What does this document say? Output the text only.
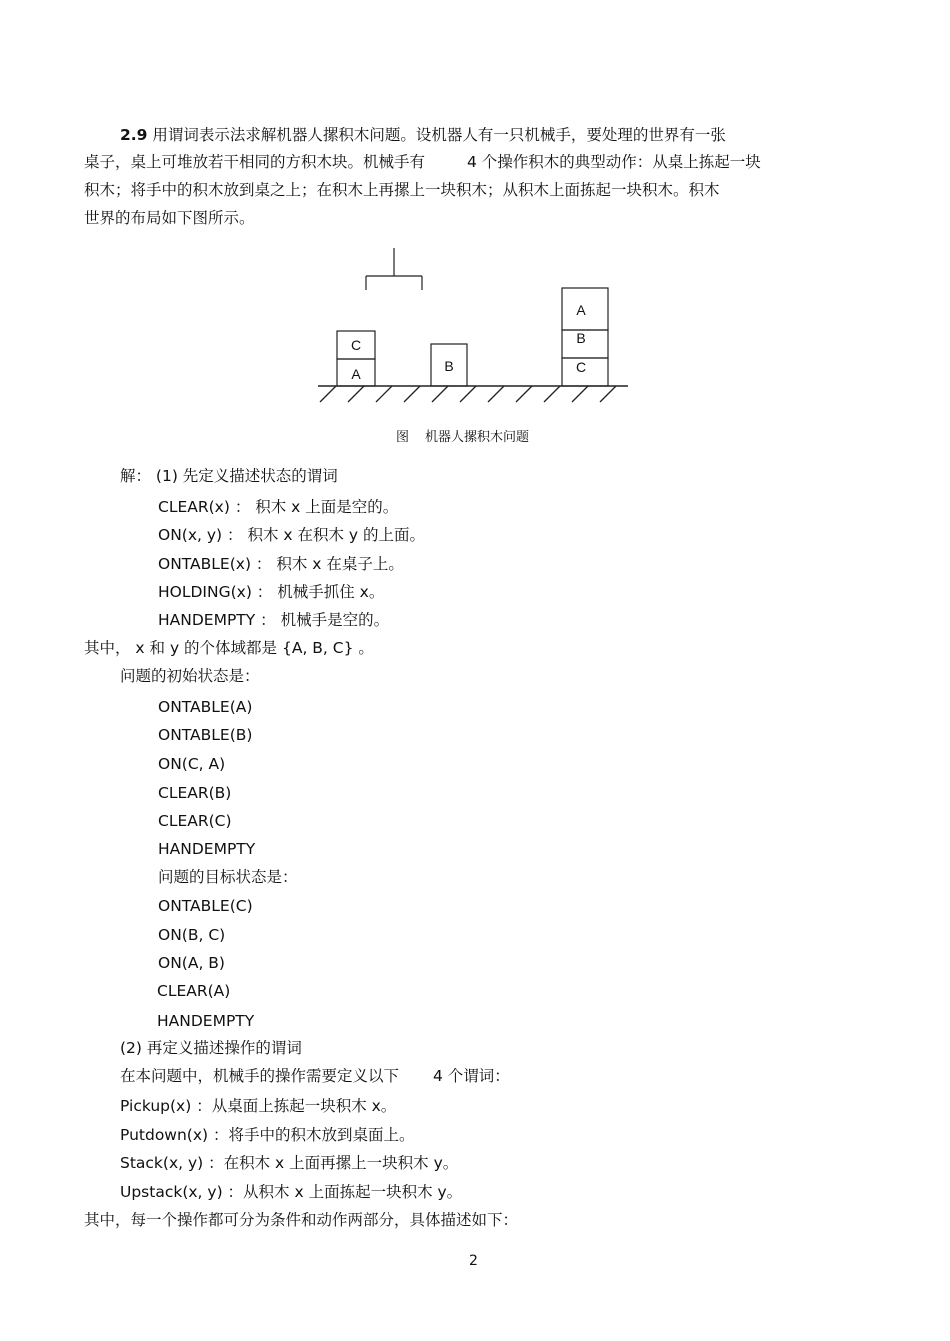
2.9 用谓词表示法求解机器人摞积木问题。设机器人有一只机械手，要处理的世界有一张
桌子，桌上可堆放若干相同的方积木块。机械手有	4 个操作积木的典型动作：从桌上拣起一块
积木；将手中的积木放到桌之上；在积木上再摞上一块积木；从积木上面拣起一块积木。积木
世界的布局如下图所示。
C
A	B
A
B
C
图 机器人摞积木问题
解： (1) 先定义描述状态的谓词
CLEAR(x) ： 积木 x 上面是空的。
ON(x, y) ： 积木 x 在积木 y 的上面。
ONTABLE(x) ： 积木 x 在桌子上。
HOLDING(x) ： 机械手抓住 x。
HANDEMPTY ： 机械手是空的。
其中， x 和 y 的个体域都是 {A, B, C} 。
问题的初始状态是：
ONTABLE(A)
ONTABLE(B)
ON(C, A)
CLEAR(B)
CLEAR(C)
HANDEMPTY
问题的目标状态是：
ONTABLE(C)
ON(B, C)
ON(A, B)
CLEAR(A)
HANDEMPTY
(2) 再定义描述操作的谓词
在本问题中，机械手的操作需要定义以下 4 个谓词：
Pickup(x) ：从桌面上拣起一块积木 x。
Putdown(x) ：将手中的积木放到桌面上。
Stack(x, y) ：在积木 x 上面再摞上一块积木 y。
Upstack(x, y) ：从积木 x 上面拣起一块积木 y。
其中，每一个操作都可分为条件和动作两部分，具体描述如下：
2
